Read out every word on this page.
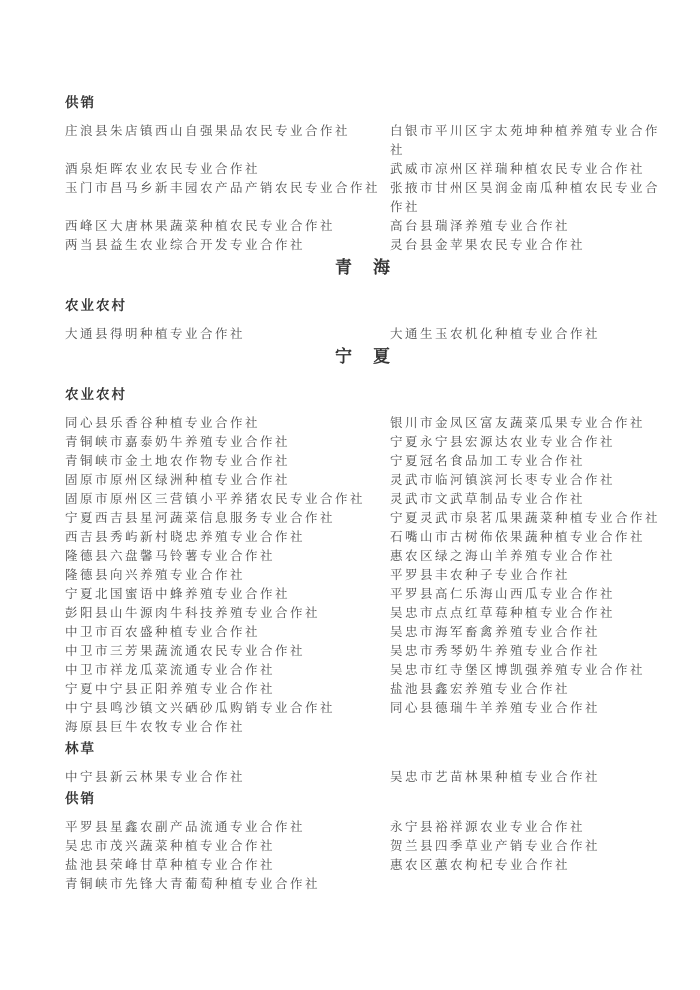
供销
庄浪县朱店镇西山自强果品农民专业合作社	白银市平川区宇太苑坤种植养殖专业合作社
酒泉炬晖农业农民专业合作社	武威市凉州区祥瑞种植农民专业合作社
玉门市昌马乡新丰园农产品产销农民专业合作社 张掖市甘州区昊润金南瓜种植农民专业合作社
西峰区大唐林果蔬菜种植农民专业合作社	高台县瑞泽养殖专业合作社
两当县益生农业综合开发专业合作社	灵台县金苹果农民专业合作社
青　海
农业农村
大通县得明种植专业合作社	大通生玉农机化种植专业合作社
宁　夏
农业农村
同心县乐香谷种植专业合作社	银川市金凤区富友蔬菜瓜果专业合作社
青铜峡市嘉泰奶牛养殖专业合作社	宁夏永宁县宏源达农业专业合作社
青铜峡市金土地农作物专业合作社	宁夏冠名食品加工专业合作社
固原市原州区绿洲种植专业合作社	灵武市临河镇滨河长枣专业合作社
固原市原州区三营镇小平养猪农民专业合作社	灵武市文武草制品专业合作社
宁夏西吉县星河蔬菜信息服务专业合作社	宁夏灵武市泉茗瓜果蔬菜种植专业合作社
西吉县秀屿新村晓忠养殖专业合作社	石嘴山市古树佈依果蔬种植专业合作社
隆德县六盘馨马铃薯专业合作社	惠农区绿之海山羊养殖专业合作社
隆德县向兴养殖专业合作社	平罗县丰农种子专业合作社
宁夏北国蜜语中蜂养殖专业合作社	平罗县高仁乐海山西瓜专业合作社
彭阳县山牛源肉牛科技养殖专业合作社	吴忠市点点红草莓种植专业合作社
中卫市百农盛种植专业合作社	吴忠市海军畜禽养殖专业合作社
中卫市三芳果蔬流通农民专业合作社	吴忠市秀琴奶牛养殖专业合作社
中卫市祥龙瓜菜流通专业合作社	吴忠市红寺堡区博凯强养殖专业合作社
宁夏中宁县正阳养殖专业合作社	盐池县鑫宏养殖专业合作社
中宁县鸣沙镇文兴硒砂瓜购销专业合作社	同心县德瑞牛羊养殖专业合作社
海原县巨牛农牧专业合作社
林草
中宁县新云林果专业合作社	吴忠市艺苗林果种植专业合作社
供销
平罗县星鑫农副产品流通专业合作社	永宁县裕祥源农业专业合作社
吴忠市茂兴蔬菜种植专业合作社	贺兰县四季草业产销专业合作社
盐池县荣峰甘草种植专业合作社	惠农区蕙农枸杞专业合作社
青铜峡市先锋大青葡萄种植专业合作社
